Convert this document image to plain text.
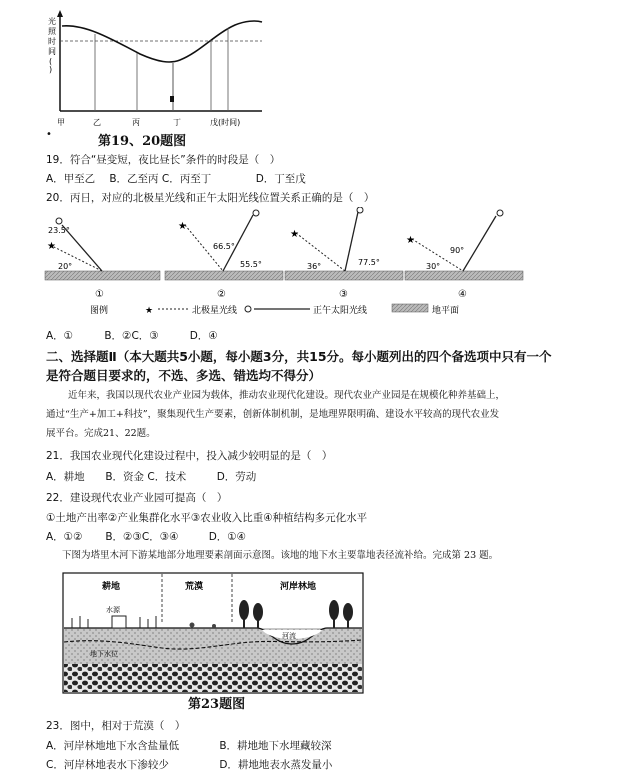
光
照
时
间
(
)
甲	乙	丙	丁	戊(时间)
•	第19、20题图
19．符合“昼变短，夜比昼长”条件的时段是（　）
A．甲至乙 B．乙至丙 C．丙至丁	D．丁至戊
20．丙日，对应的北极星光线和正午太阳光线位置关系正确的是（　）
★
23.5°
20°
①
★
66.5°
55.5°
②
★
36°	77.5°
③
★
90°
30°
④
图例	★	北极星光线	正午太阳光线	地平面
A．①	B．②C．③	D．④
二、选择题Ⅱ（本大题共5小题，每小题3分，共15分。每小题列出的四个备选项中只有一个
是符合题目要求的，不选、多选、错选均不得分）
近年来，我国以现代农业产业园为载体，推动农业现代化建设。现代农业产业园是在规模化种养基础上，
通过“生产+加工+科技”，聚集现代生产要素，创新体制机制，是地理界限明确、建设水平较高的现代农业发
展平台。完成21、22题。
21．我国农业现代化建设过程中，投入减少较明显的是（　）
A．耕地 B．资金 C．技术	D．劳动
22．建设现代农业产业园可提高（　）
①土地产出率②产业集群化水平③农业收入比重④种植结构多元化水平
A．①② B．②③C．③④	D．①④
下图为塔里木河下游某地部分地理要素剖面示意图。该地的地下水主要靠地表径流补给。完成第 23 题。
耕地	荒漠	河岸林地
水源
河流
地下水位
第23题图
23．图中，相对于荒漠（　）
A．河岸林地地下水含盐量低	B．耕地地下水埋藏较深
C．河岸林地表水下渗较少	D．耕地地表水蒸发量小
